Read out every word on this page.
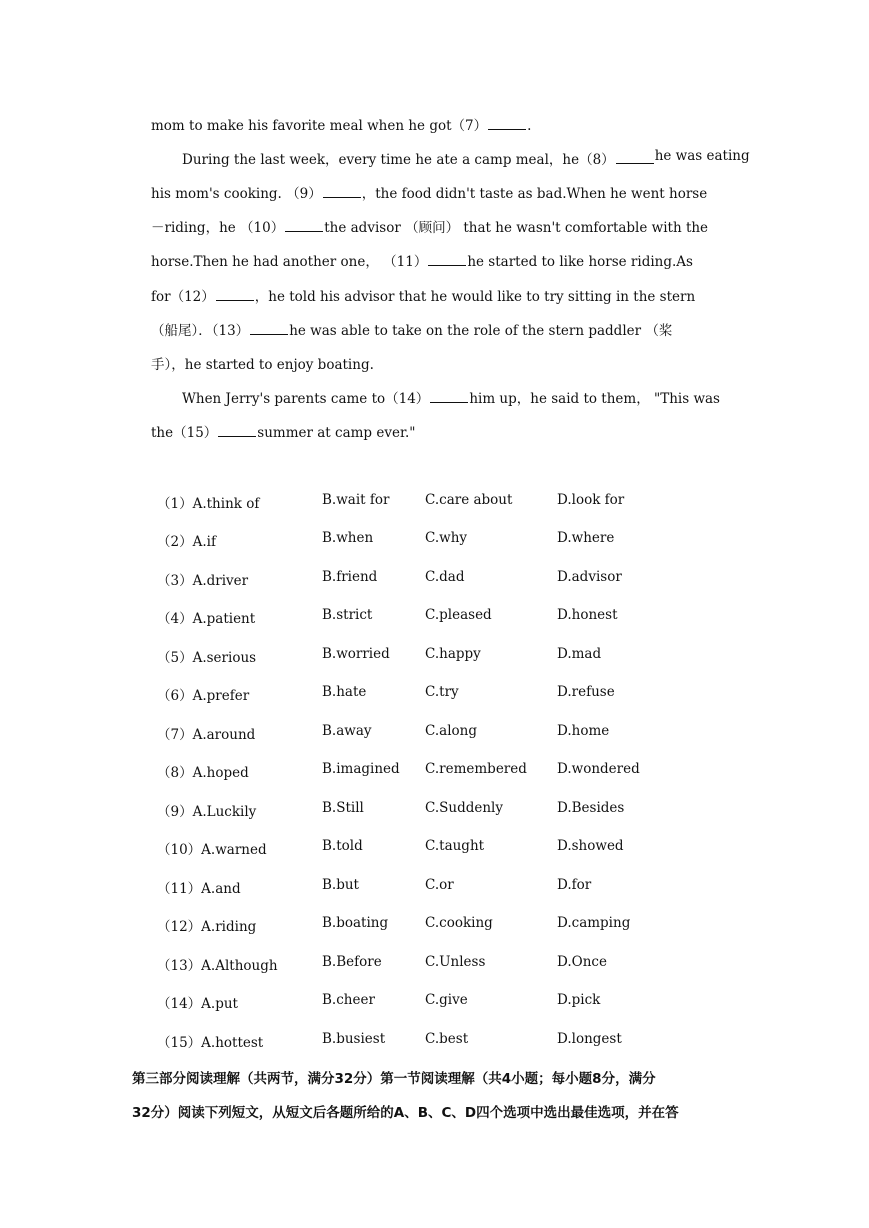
mom to make his favorite meal when he got（7）	.
During the last week，every time he ate a camp meal，he（8）	he was eating
his mom's cooking. （9）	，the food didn't taste as bad.When he went horse
－riding，he （10）	the advisor （顾问） that he wasn't comfortable with the
horse.Then he had another one， （11）	he started to like horse riding.As
for（12）	，he told his advisor that he would like to try sitting in the stern
（船尾）．（13）	he was able to take on the role of the stern paddler （桨
手），he started to enjoy boating.
When Jerry's parents came to（14）	him up，he said to them， "This was
the（15）	summer at camp ever."
（1）A.think of	B.wait for	C.care about	D.look for
（2）A.if	B.when	C.why	D.where
（3）A.driver	B.friend	C.dad	D.advisor
（4）A.patient	B.strict	C.pleased	D.honest
（5）A.serious	B.worried	C.happy	D.mad
（6）A.prefer	B.hate	C.try	D.refuse
（7）A.around	B.away	C.along	D.home
（8）A.hoped	B.imagined C.remembered D.wondered
（9）A.Luckily	B.Still	C.Suddenly	D.Besides
（10）A.warned	B.told	C.taught	D.showed
（11）A.and	B.but	C.or	D.for
（12）A.riding	B.boating	C.cooking	D.camping
（13）A.Although	B.Before	C.Unless	D.Once
（14）A.put	B.cheer	C.give	D.pick
（15）A.hottest	B.busiest	C.best	D.longest
第三部分阅读理解（共两节，满分32分）第一节阅读理解（共4小题；每小题8分，满分
32分）阅读下列短文，从短文后各题所给的A、B、C、D四个选项中选出最佳选项，并在答
